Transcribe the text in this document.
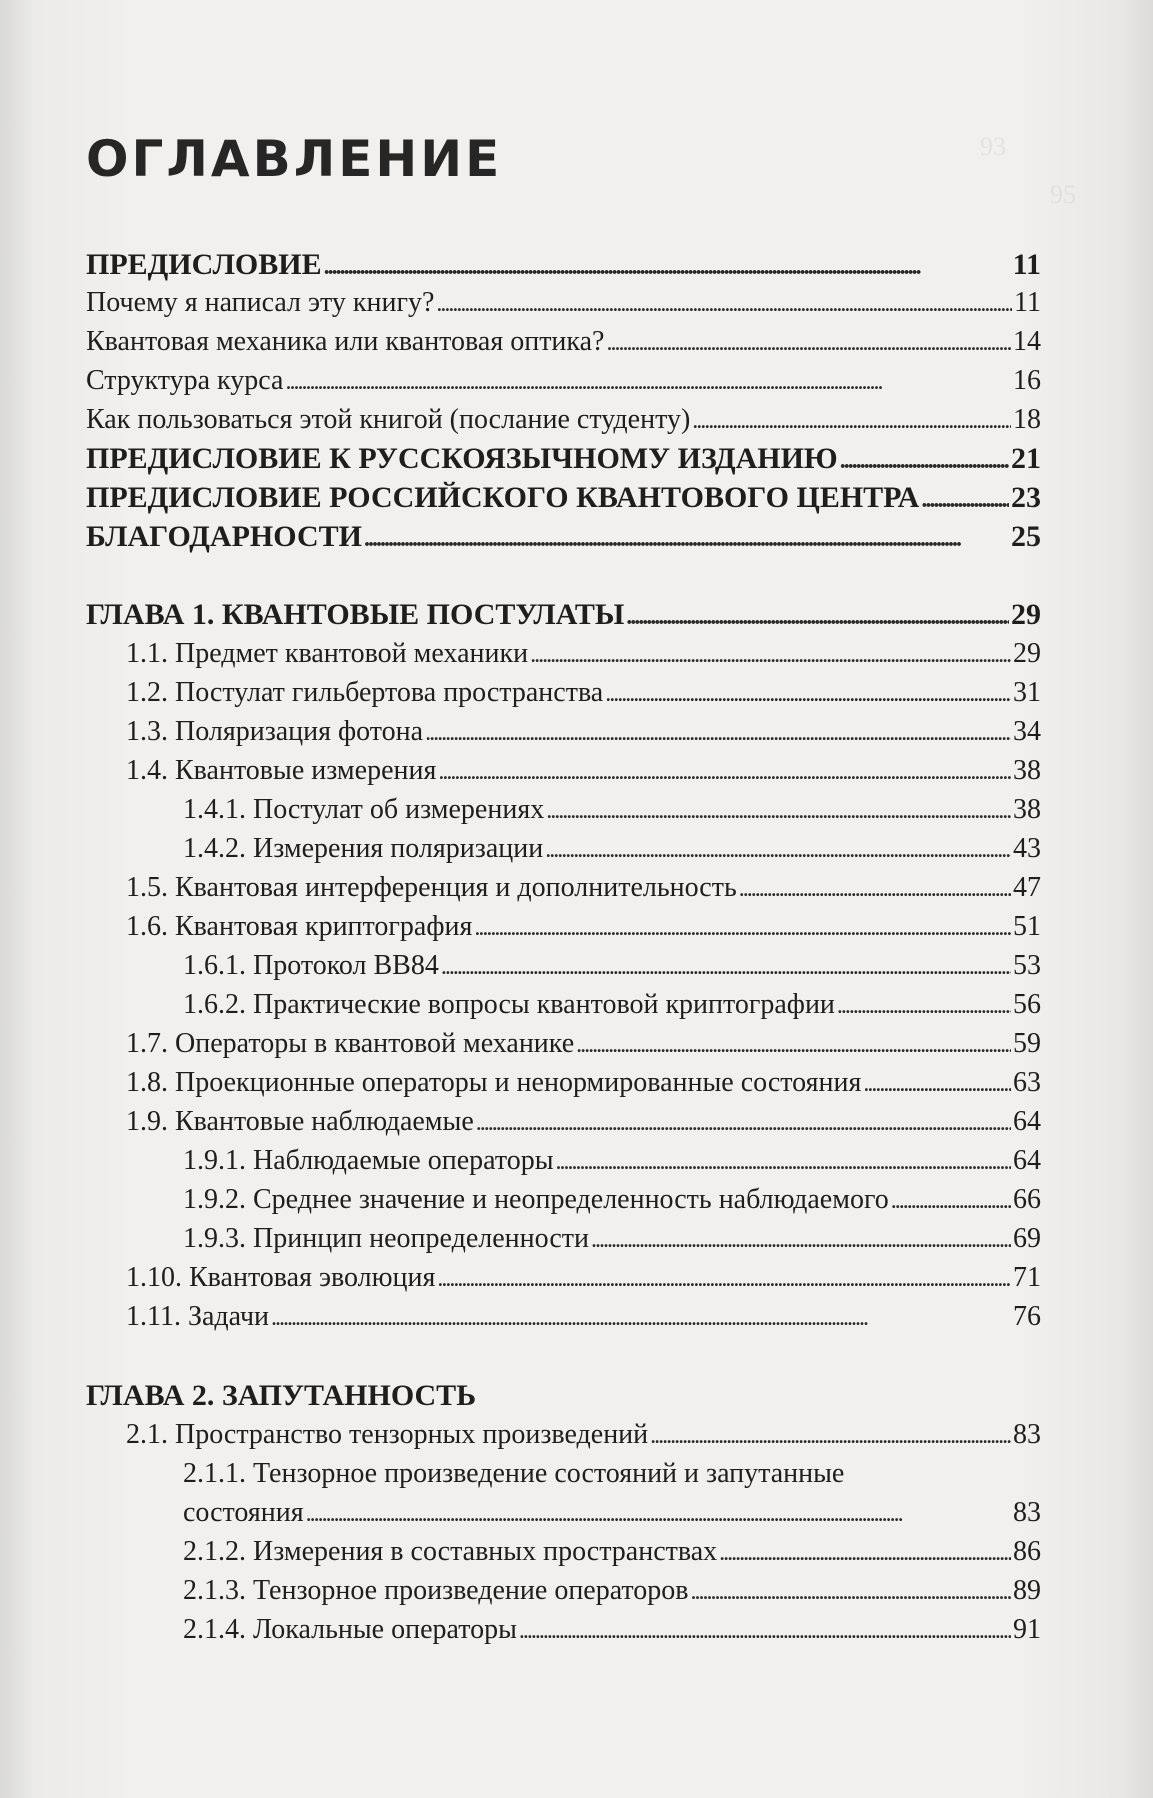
93
95
ОГЛАВЛЕНИЕ
ПРЕДИСЛОВИЕ . . .	11
Почему я написал эту книгу? . . .	11
Квантовая механика или квантовая оптика? . . .	14
Структура курса . . .	16
Как пользоваться этой книгой (послание студенту) . . .	18
ПРЕДИСЛОВИЕ К РУССКОЯЗЫЧНОМУ ИЗДАНИЮ . . .	21
ПРЕДИСЛОВИЕ РОССИЙСКОГО КВАНТОВОГО ЦЕНТРА . . .	23
БЛАГОДАРНОСТИ . . .	25
ГЛАВА 1. КВАНТОВЫЕ ПОСТУЛАТЫ . . .	29
1.1. Предмет квантовой механики . . .	29
1.2. Постулат гильбертова пространства . . .	31
1.3. Поляризация фотона . . .	34
1.4. Квантовые измерения . . .	38
1.4.1. Постулат об измерениях . . .	38
1.4.2. Измерения поляризации . . .	43
1.5. Квантовая интерференция и дополнительность . . .	47
1.6. Квантовая криптография . . .	51
1.6.1. Протокол BB84 . . .	53
1.6.2. Практические вопросы квантовой криптографии . . .	56
1.7. Операторы в квантовой механике . . .	59
1.8. Проекционные операторы и ненормированные состояния . . .	63
1.9. Квантовые наблюдаемые . . .	64
1.9.1. Наблюдаемые операторы . . .	64
1.9.2. Среднее значение и неопределенность наблюдаемого . . .	66
1.9.3. Принцип неопределенности . . .	69
1.10. Квантовая эволюция . . .	71
1.11. Задачи . . .	76
ГЛАВА 2. ЗАПУТАННОСТЬ
2.1. Пространство тензорных произведений . . .	83
2.1.1. Тензорное произведение состояний и запутанные
состояния . . .	83
2.1.2. Измерения в составных пространствах . . .	86
2.1.3. Тензорное произведение операторов . . .	89
2.1.4. Локальные операторы . . .	91
